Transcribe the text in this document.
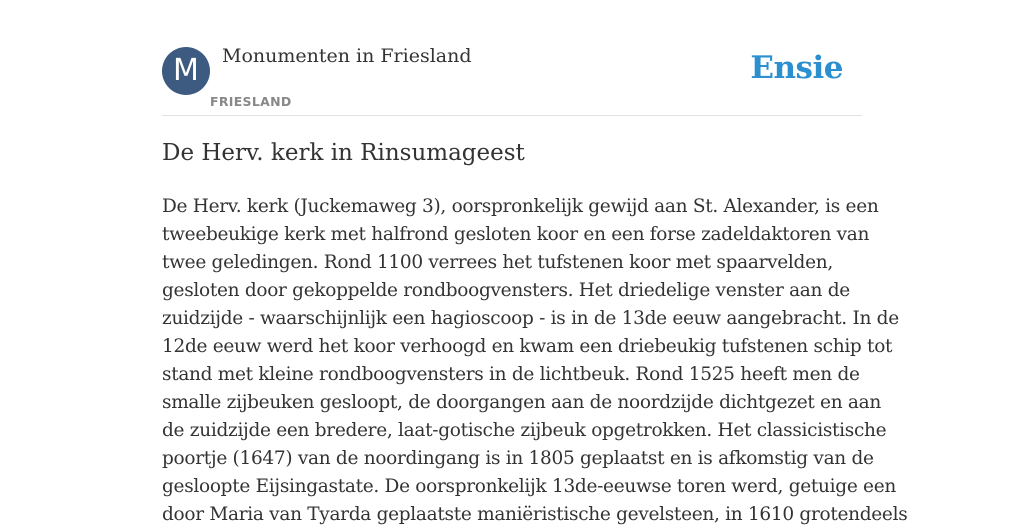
M	Monumenten in Friesland
FRIESLAND
Ensie
De Herv. kerk in Rinsumageest
De Herv. kerk (Juckemaweg 3), oorspronkelijk gewijd aan St. Alexander, is een
tweebeukige kerk met halfrond gesloten koor en een forse zadeldaktoren van
twee geledingen. Rond 1100 verrees het tufstenen koor met spaarvelden,
gesloten door gekoppelde rondboogvensters. Het driedelige venster aan de
zuidzijde - waarschijnlijk een hagioscoop - is in de 13de eeuw aangebracht. In de
12de eeuw werd het koor verhoogd en kwam een driebeukig tufstenen schip tot
stand met kleine rondboogvensters in de lichtbeuk. Rond 1525 heeft men de
smalle zijbeuken gesloopt, de doorgangen aan de noordzijde dichtgezet en aan
de zuidzijde een bredere, laat-gotische zijbeuk opgetrokken. Het classicistische
poortje (1647) van de noordingang is in 1805 geplaatst en is afkomstig van de
gesloopte Eijsingastate. De oorspronkelijk 13de-eeuwse toren werd, getuige een
door Maria van Tyarda geplaatste maniëristische gevelsteen, in 1610 grotendeels
